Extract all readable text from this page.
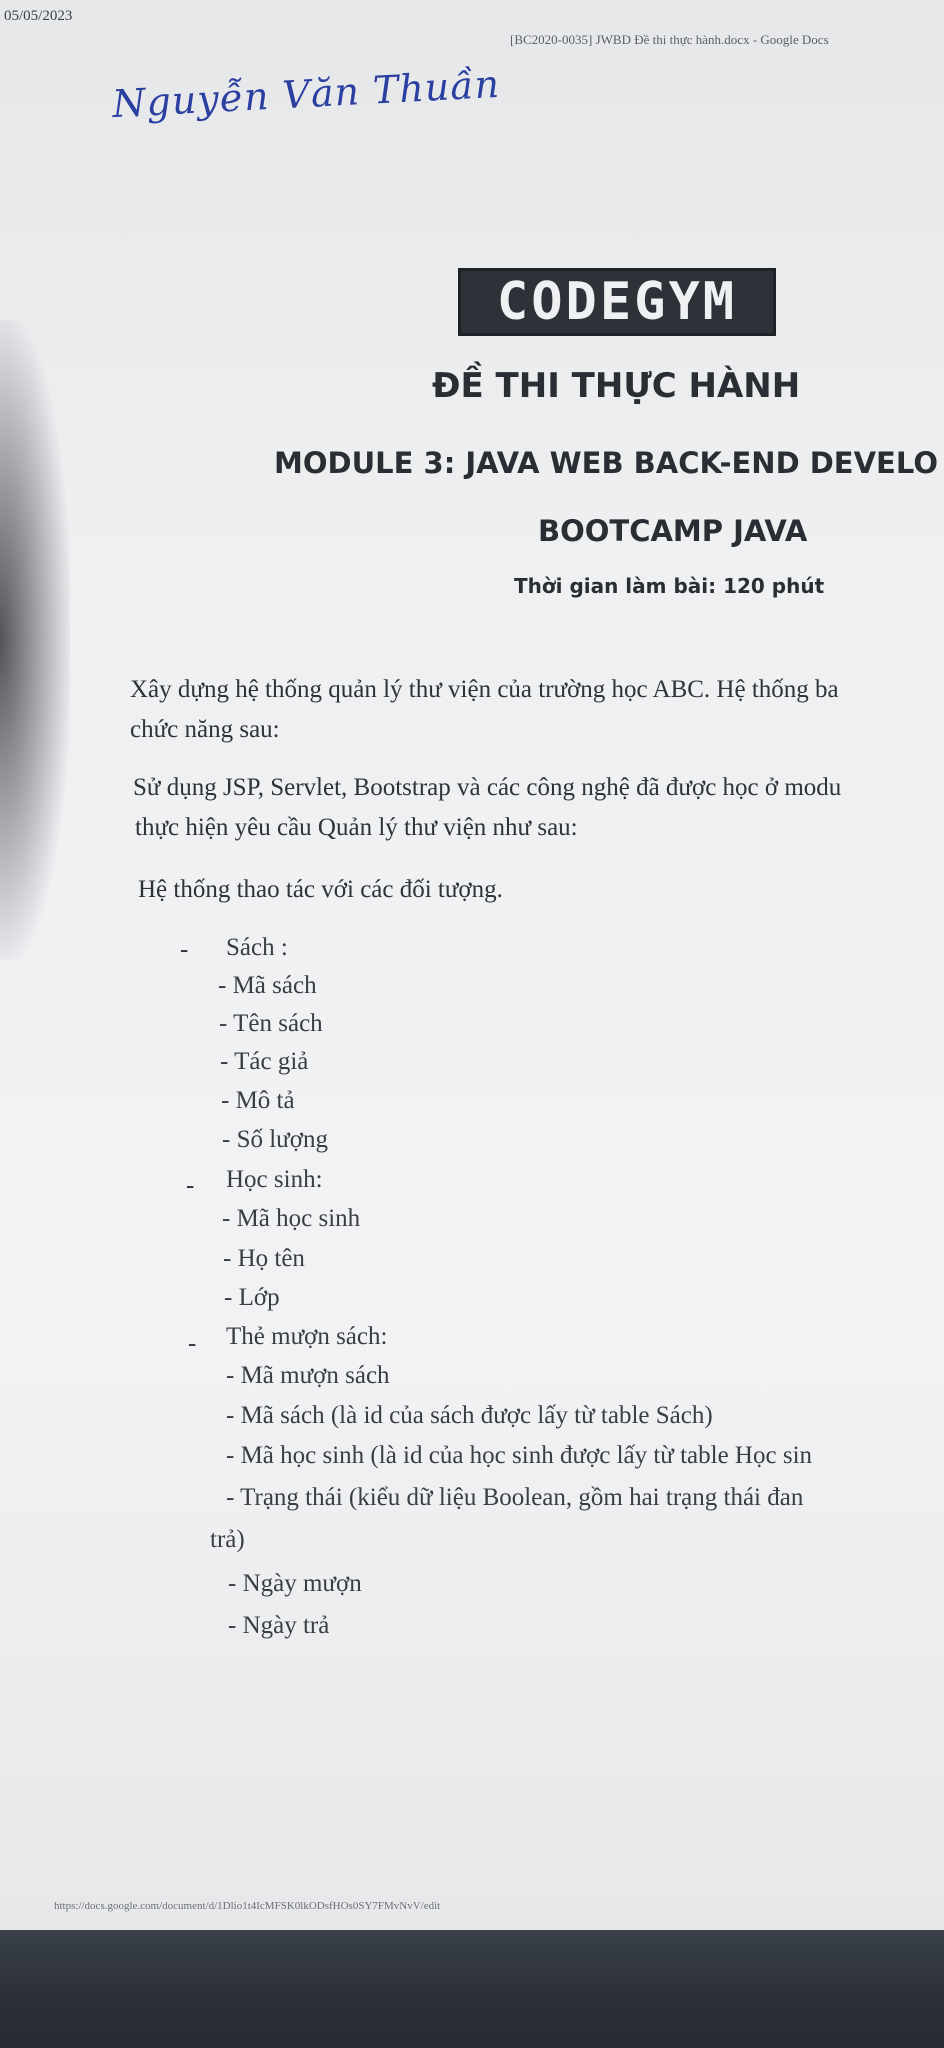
05/05/2023
[BC2020-0035] JWBD Đề thi thực hành.docx - Google Docs
Nguyễn Văn Thuần
CODEGYM
ĐỀ THI THỰC HÀNH
MODULE 3: JAVA WEB BACK-END DEVELO
BOOTCAMP JAVA
Thời gian làm bài: 120 phút
Xây dựng hệ thống quản lý thư viện của trường học ABC. Hệ thống ba
chức năng sau:
Sử dụng JSP, Servlet, Bootstrap và các công nghệ đã được học ở modu
thực hiện yêu cầu Quản lý thư viện như sau:
Hệ thống thao tác với các đối tượng.
- Sách :
- Mã sách
- Tên sách
- Tác giả
- Mô tả
- Số lượng
- Học sinh:
- Mã học sinh
- Họ tên
- Lớp
- Thẻ mượn sách:
- Mã mượn sách
- Mã sách (là id của sách được lấy từ table Sách)
- Mã học sinh (là id của học sinh được lấy từ table Học sin
- Trạng thái (kiểu dữ liệu Boolean, gồm hai trạng thái đan
trả)
- Ngày mượn
- Ngày trả
https://docs.google.com/document/d/1Dlio1t4IcMFSK0lkODsfHOs0SY7FMvNvV/edit
